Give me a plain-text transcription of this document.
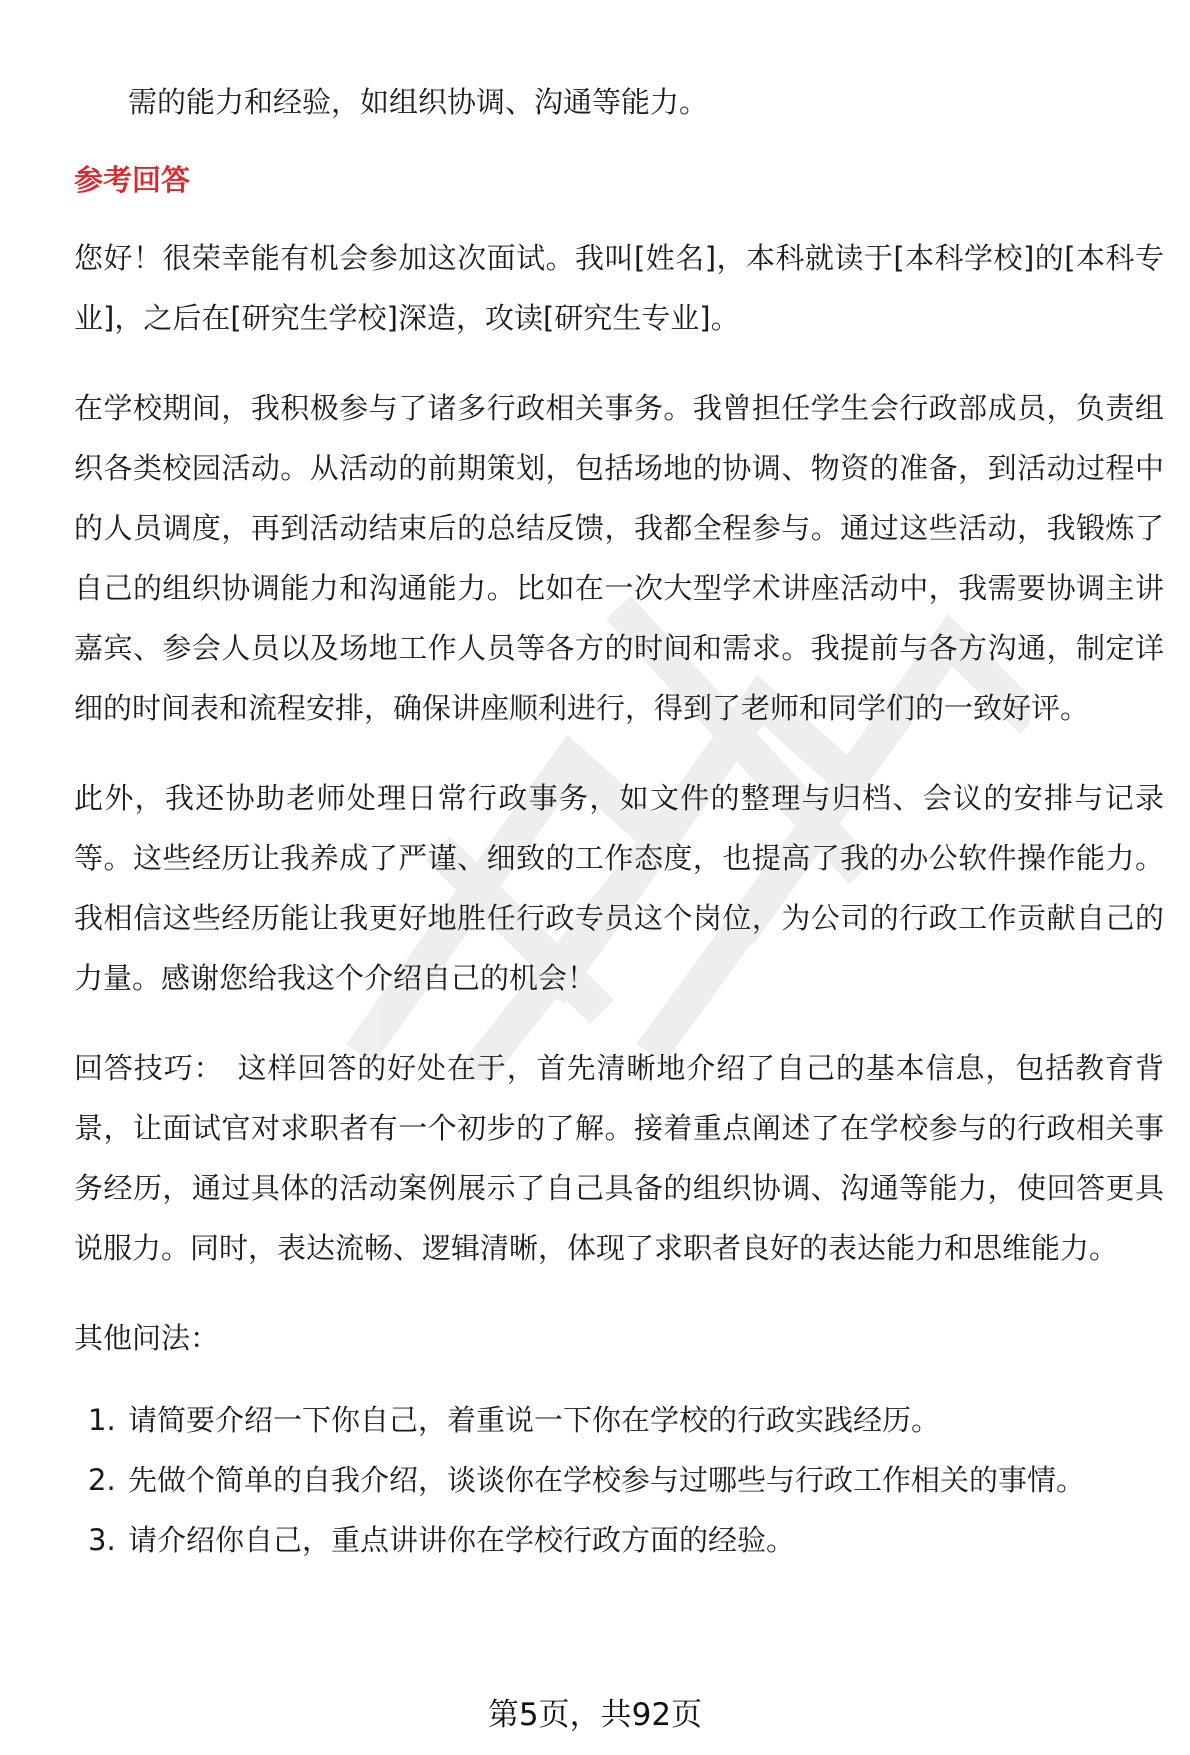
需的能力和经验，如组织协调、沟通等能力。

参考回答

您好！很荣幸能有机会参加这次面试。我叫[姓名]，本科就读于[本科学校]的[本科专业]，之后在[研究生学校]深造，攻读[研究生专业]。

在学校期间，我积极参与了诸多行政相关事务。我曾担任学生会行政部成员，负责组织各类校园活动。从活动的前期策划，包括场地的协调、物资的准备，到活动过程中的人员调度，再到活动结束后的总结反馈，我都全程参与。通过这些活动，我锻炼了自己的组织协调能力和沟通能力。比如在一次大型学术讲座活动中，我需要协调主讲嘉宾、参会人员以及场地工作人员等各方的时间和需求。我提前与各方沟通，制定详细的时间表和流程安排，确保讲座顺利进行，得到了老师和同学们的一致好评。

此外，我还协助老师处理日常行政事务，如文件的整理与归档、会议的安排与记录等。这些经历让我养成了严谨、细致的工作态度，也提高了我的办公软件操作能力。我相信这些经历能让我更好地胜任行政专员这个岗位，为公司的行政工作贡献自己的力量。感谢您给我这个介绍自己的机会！

回答技巧： 这样回答的好处在于，首先清晰地介绍了自己的基本信息，包括教育背景，让面试官对求职者有一个初步的了解。接着重点阐述了在学校参与的行政相关事务经历，通过具体的活动案例展示了自己具备的组织协调、沟通等能力，使回答更具说服力。同时，表达流畅、逻辑清晰，体现了求职者良好的表达能力和思维能力。

其他问法：

1. 请简要介绍一下你自己，着重说一下你在学校的行政实践经历。
2. 先做个简单的自我介绍，谈谈你在学校参与过哪些与行政工作相关的事情。
3. 请介绍你自己，重点讲讲你在学校行政方面的经验。
第5页，共92页
